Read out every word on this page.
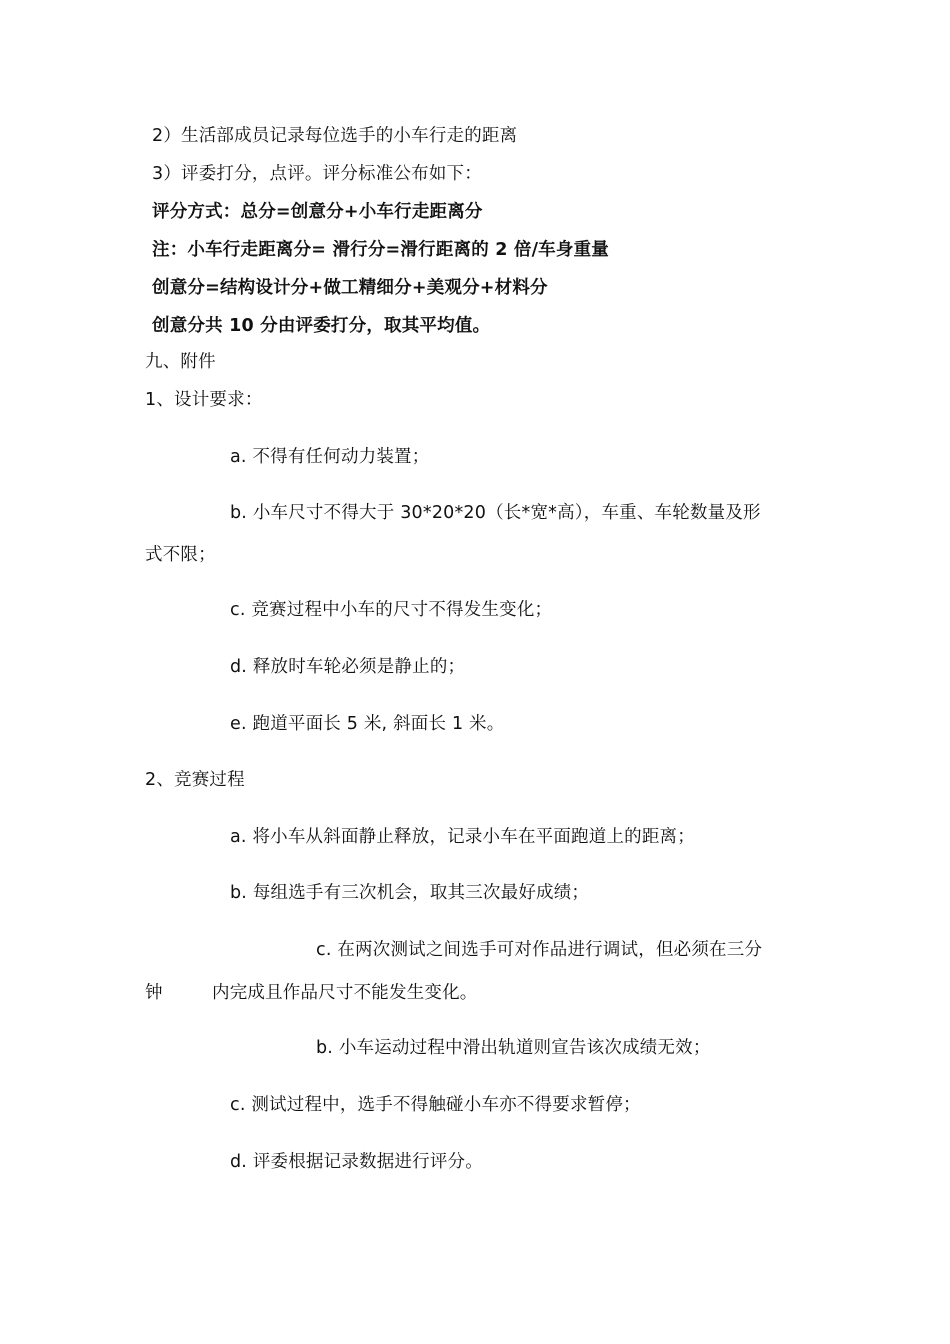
2）生活部成员记录每位选手的小车行走的距离

3）评委打分，点评。评分标准公布如下：

评分方式：总分=创意分+小车行走距离分

注：小车行走距离分= 滑行分=滑行距离的 2 倍/车身重量

创意分=结构设计分+做工精细分+美观分+材料分

创意分共 10 分由评委打分，取其平均值。

九、附件

1、设计要求：

a. 不得有任何动力装置；

b. 小车尺寸不得大于 30*20*20（长*宽*高），车重、车轮数量及形

式不限；

c. 竞赛过程中小车的尺寸不得发生变化；

d. 释放时车轮必须是静止的；

e. 跑道平面长 5 米, 斜面长 1 米。

2、竞赛过程

a. 将小车从斜面静止释放，记录小车在平面跑道上的距离；

b. 每组选手有三次机会，取其三次最好成绩；

c. 在两次测试之间选手可对作品进行调试，但必须在三分

钟	内完成且作品尺寸不能发生变化。

b. 小车运动过程中滑出轨道则宣告该次成绩无效；

c. 测试过程中，选手不得触碰小车亦不得要求暂停；

d. 评委根据记录数据进行评分。
